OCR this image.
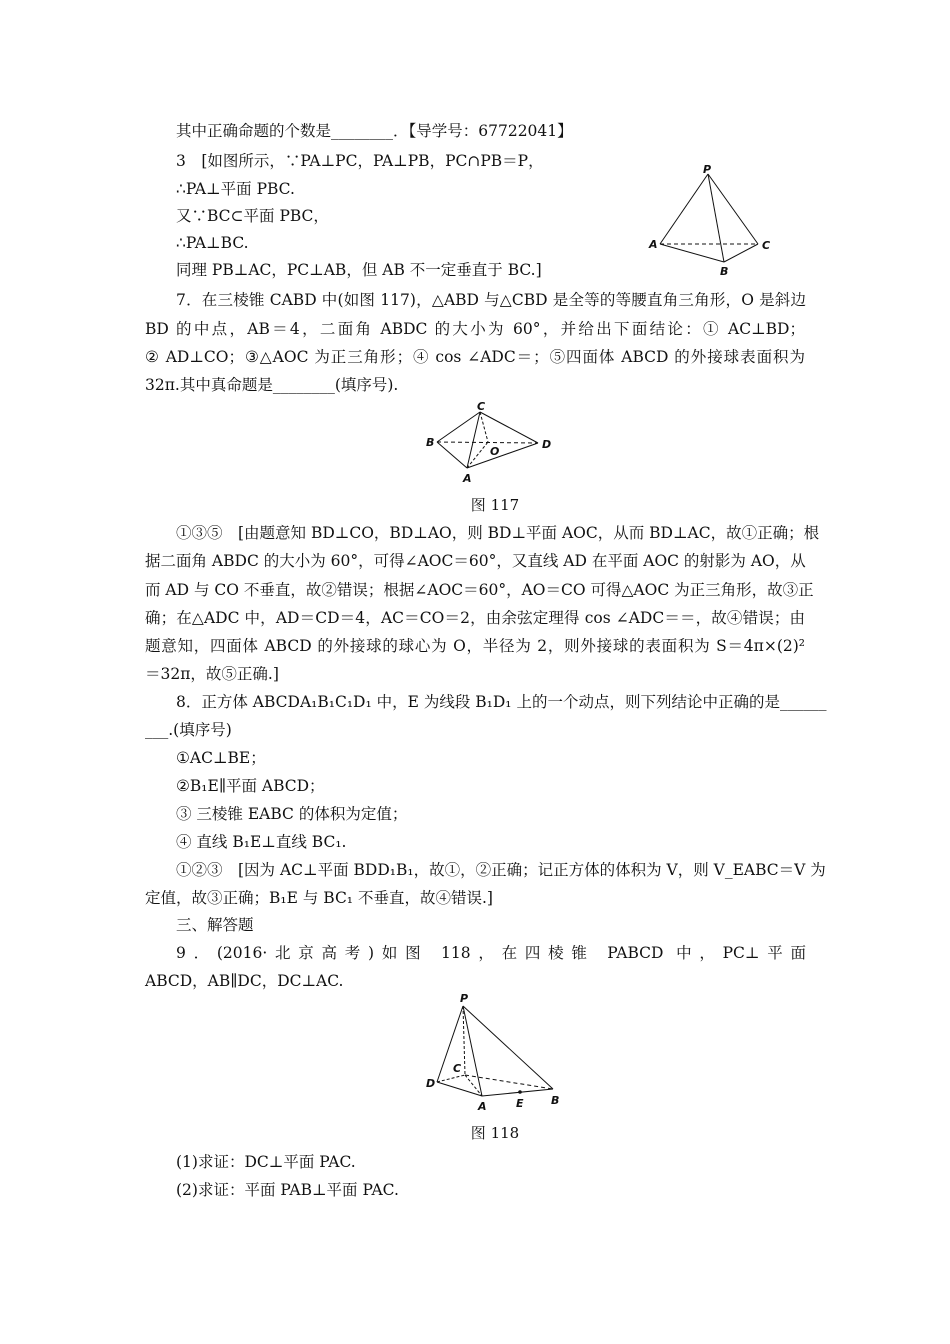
其中正确命题的个数是________．【导学号：67722041】
3　[如图所示，∵PA⊥PC，PA⊥PB，PC∩PB＝P，
∴PA⊥平面 PBC.
又∵BC⊂平面 PBC，
∴PA⊥BC.
同理 PB⊥AC，PC⊥AB，但 AB 不一定垂直于 BC.]
7．在三棱锥 CABD 中(如图 117)，△ABD 与△CBD 是全等的等腰直角三角形，O 是斜边
BD 的中点，AB＝4，二面角 ABDC 的大小为 60°，并给出下面结论：① AC⊥BD；
② AD⊥CO；③△AOC 为正三角形；④ cos ∠ADC＝；⑤四面体 ABCD 的外接球表面积为
32π.其中真命题是________(填序号).
P
A
B
C
C
B
O
D
A
图 117
①③⑤　[由题意知 BD⊥CO，BD⊥AO，则 BD⊥平面 AOC，从而 BD⊥AC，故①正确；根
据二面角 ABDC 的大小为 60°，可得∠AOC＝60°，又直线 AD 在平面 AOC 的射影为 AO，从
而 AD 与 CO 不垂直，故②错误；根据∠AOC＝60°，AO＝CO 可得△AOC 为正三角形，故③正
确；在△ADC 中，AD＝CD＝4，AC＝CO＝2，由余弦定理得 cos ∠ADC＝＝，故④错误；由
题意知，四面体 ABCD 的外接球的球心为 O，半径为 2，则外接球的表面积为 S＝4π×(2)²
＝32π，故⑤正确.]
8．正方体 ABCDA₁B₁C₁D₁ 中，E 为线段 B₁D₁ 上的一个动点，则下列结论中正确的是______
___.(填序号)
①AC⊥BE；
②B₁E∥平面 ABCD；
③ 三棱锥 EABC 的体积为定值；
④ 直线 B₁E⊥直线 BC₁.
①②③　[因为 AC⊥平面 BDD₁B₁，故①，②正确；记正方体的体积为 V，则 V_EABC＝V 为
定值，故③正确；B₁E 与 BC₁ 不垂直，故④错误.]
三、解答题
9．(2016·北京高考)如图 118，在四棱锥 PABCD 中，PC⊥平面
ABCD，AB∥DC，DC⊥AC.
P
C
D
A	E B
图 118
(1)求证：DC⊥平面 PAC.
(2)求证：平面 PAB⊥平面 PAC.
